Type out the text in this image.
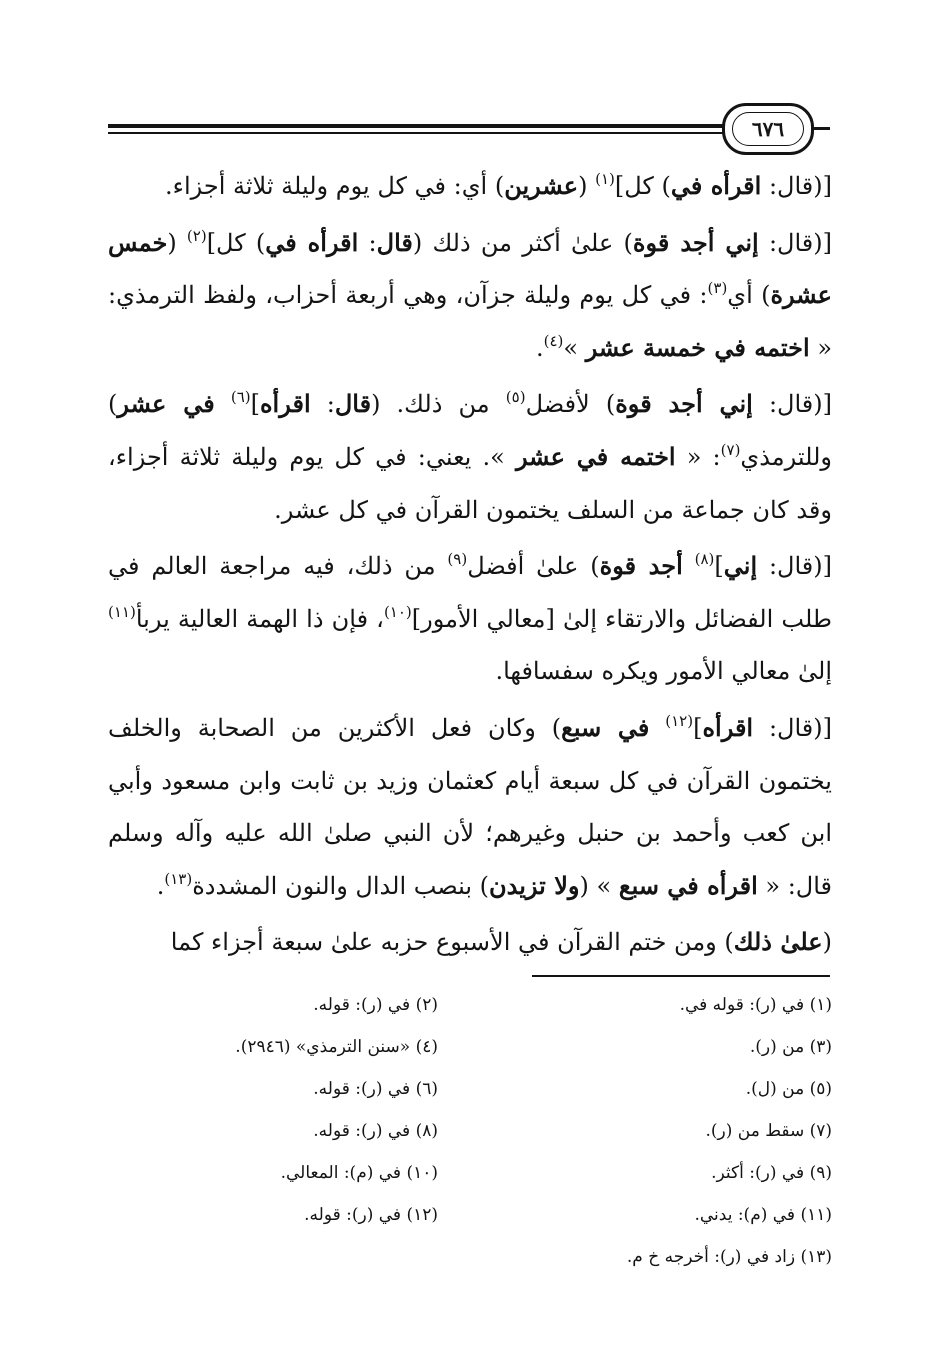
٦٧٦

[(قال: اقرأه في) كل]$^{(١)}$ (عشرين) أي: في كل يوم وليلة ثلاثة أجزاء.

[(قال: إني أجد قوة) علىٰ أكثر من ذلك (قال: اقرأه في) كل]$^{(٢)}$ (خمس عشرة) أي$^{(٣)}$: في كل يوم وليلة جزآن، وهي أربعة أحزاب، ولفظ الترمذي: « اختمه في خمسة عشر »$^{(٤)}$.

[(قال: إني أجد قوة) لأفضل$^{(٥)}$ من ذلك. (قال: اقرأه]$^{(٦)}$ في عشر) وللترمذي$^{(٧)}$: « اختمه في عشر ». يعني: في كل يوم وليلة ثلاثة أجزاء، وقد كان جماعة من السلف يختمون القرآن في كل عشر.

[(قال: إني]$^{(٨)}$ أجد قوة) علىٰ أفضل$^{(٩)}$ من ذلك، فيه مراجعة العالم في طلب الفضائل والارتقاء إلىٰ [معالي الأمور]$^{(١٠)}$، فإن ذا الهمة العالية يربأ$^{(١١)}$ إلىٰ معالي الأمور ويكره سفسافها.

[(قال: اقرأه]$^{(١٢)}$ في سبع) وكان فعل الأكثرين من الصحابة والخلف يختمون القرآن في كل سبعة أيام كعثمان وزيد بن ثابت وابن مسعود وأبي ابن كعب وأحمد بن حنبل وغيرهم؛ لأن النبي صلىٰ الله عليه وآله وسلم قال: « اقرأه في سبع » (ولا تزيدن) بنصب الدال والنون المشددة$^{(١٣)}$.

(علىٰ ذلك) ومن ختم القرآن في الأسبوع حزبه علىٰ سبعة أجزاء كما

(١) في (ر): قوله في.
(٢) في (ر): قوله.
(٣) من (ر).
(٤) «سنن الترمذي» (٢٩٤٦).
(٥) من (ل).
(٦) في (ر): قوله.
(٧) سقط من (ر).
(٨) في (ر): قوله.
(٩) في (ر): أكثر.
(١٠) في (م): المعالي.
(١١) في (م): يدني.
(١٢) في (ر): قوله.
(١٣) زاد في (ر): أخرجه خ م.
